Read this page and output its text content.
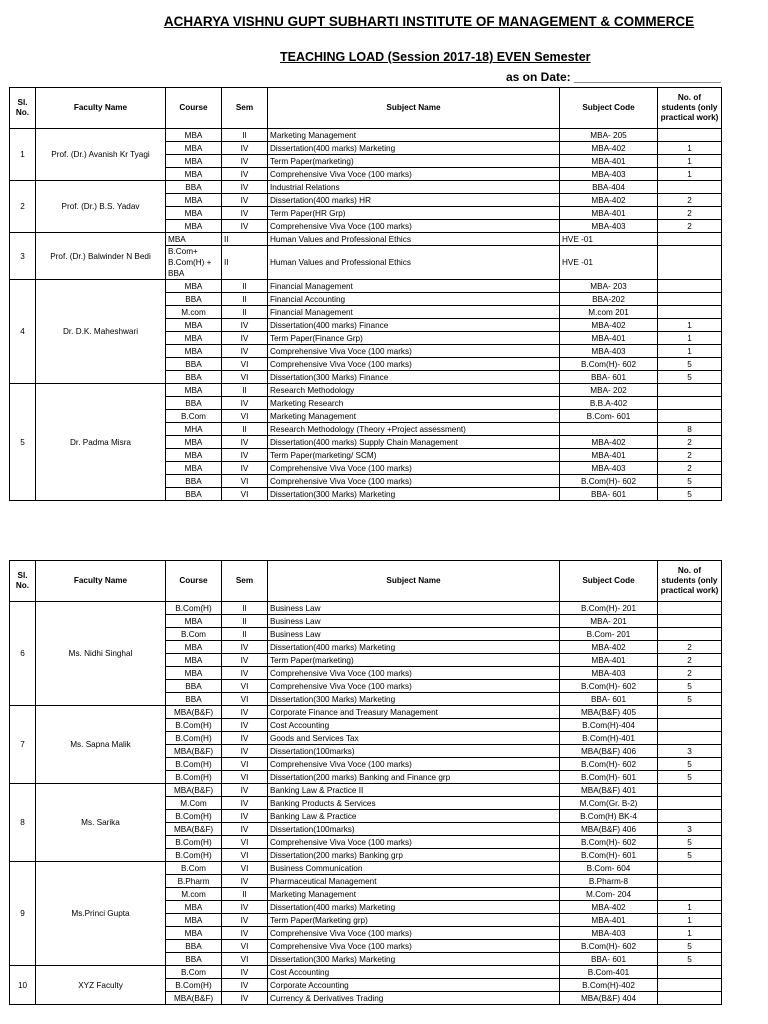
ACHARYA VISHNU GUPT SUBHARTI INSTITUTE OF MANAGEMENT & COMMERCE
TEACHING LOAD (Session 2017-18) EVEN Semester
as on Date: ______________________
Sl. No.	Faculty Name	Course	Sem	Subject Name	Subject Code	No. of students (only practical work)
1	Prof. (Dr.) Avanish Kr Tyagi	MBA	II	Marketing Management	MBA- 205	
		MBA	IV	Dissertation(400 marks) Marketing	MBA-402	1
		MBA	IV	Term Paper(marketing)	MBA-401	1
		MBA	IV	Comprehensive Viva Voce (100 marks)	MBA-403	1
2	Prof. (Dr.) B.S. Yadav	BBA	IV	Industrial Relations	BBA-404	
		MBA	IV	Dissertation(400 marks) HR	MBA-402	2
		MBA	IV	Term Paper(HR Grp)	MBA-401	2
		MBA	IV	Comprehensive Viva Voce (100 marks)	MBA-403	2
3	Prof. (Dr.) Balwinder N Bedi	MBA	II	Human Values and Professional Ethics	HVE -01	
		B.Com+ B.Com(H) + BBA	II	Human Values and Professional Ethics	HVE -01	
4	Dr. D.K. Maheshwari	MBA	II	Financial Management	MBA- 203	
		BBA	II	Financial Accounting	BBA-202	
		M.com	II	Financial Management	M.com 201	
		MBA	IV	Dissertation(400 marks) Finance	MBA-402	1
		MBA	IV	Term Paper(Finance Grp)	MBA-401	1
		MBA	IV	Comprehensive Viva Voce (100 marks)	MBA-403	1
		BBA	VI	Comprehensive Viva Voce (100 marks)	B.Com(H)- 602	5
		BBA	VI	Dissertation(300 Marks) Finance	BBA- 601	5
5	Dr. Padma Misra	MBA	II	Research Methodology	MBA- 202	
		BBA	IV	Marketing Research	B.B.A-402	
		B.Com	VI	Marketing Management	B.Com- 601	
		MHA	II	Research Methodology (Theory +Project assessment)		8
		MBA	IV	Dissertation(400 marks) Supply Chain Management	MBA-402	2
		MBA	IV	Term Paper(marketing/ SCM)	MBA-401	2
		MBA	IV	Comprehensive Viva Voce (100 marks)	MBA-403	2
		BBA	VI	Comprehensive Viva Voce (100 marks)	B.Com(H)- 602	5
		BBA	VI	Dissertation(300 Marks) Marketing	BBA- 601	5
Sl. No.	Faculty Name	Course	Sem	Subject Name	Subject Code	No. of students (only practical work)
6	Ms. Nidhi Singhal	B.Com(H)	II	Business Law	B.Com(H)- 201	
		MBA	II	Business Law	MBA- 201	
		B.Com	II	Business Law	B.Com- 201	
		MBA	IV	Dissertation(400 marks) Marketing	MBA-402	2
		MBA	IV	Term Paper(marketing)	MBA-401	2
		MBA	IV	Comprehensive Viva Voce (100 marks)	MBA-403	2
		BBA	VI	Comprehensive Viva Voce (100 marks)	B.Com(H)- 602	5
		BBA	VI	Dissertation(300 Marks) Marketing	BBA- 601	5
7	Ms. Sapna Malik	MBA(B&F)	IV	Corporate Finance and Treasury Management	MBA(B&F) 405	
		B.Com(H)	IV	Cost Accounting	B.Com(H)-404	
		B.Com(H)	IV	Goods and Services Tax	B.Com(H)-401	
		MBA(B&F)	IV	Dissertation(100marks)	MBA(B&F) 406	3
		B.Com(H)	VI	Comprehensive Viva Voce (100 marks)	B.Com(H)- 602	5
		B.Com(H)	VI	Dissertation(200 marks) Banking and Finance grp	B.Com(H)- 601	5
8	Ms. Sarika	MBA(B&F)	IV	Banking Law & Practice II	MBA(B&F) 401	
		M.Com	IV	Banking Products & Services	M.Com(Gr. B-2)	
		B.Com(H)	IV	Banking Law & Practice	B.Com(H) BK-4	
		MBA(B&F)	IV	Dissertation(100marks)	MBA(B&F) 406	3
		B.Com(H)	VI	Comprehensive Viva Voce (100 marks)	B.Com(H)- 602	5
		B.Com(H)	VI	Dissertation(200 marks) Banking grp	B.Com(H)- 601	5
9	Ms.Princi Gupta	B.Com	VI	Business Communication	B.Com- 604	
		B.Pharm	IV	Pharmaceutical Management	B.Pharm-8	
		M.com	II	Marketing Management	M.Com- 204	
		MBA	IV	Dissertation(400 marks) Marketing	MBA-402	1
		MBA	IV	Term Paper(Marketing grp)	MBA-401	1
		MBA	IV	Comprehensive Viva Voce (100 marks)	MBA-403	1
		BBA	VI	Comprehensive Viva Voce (100 marks)	B.Com(H)- 602	5
		BBA	VI	Dissertation(300 Marks) Marketing	BBA- 601	5
10	XYZ Faculty	B.Com	IV	Cost Accounting	B.Com-401	
		B.Com(H)	IV	Corporate Accounting	B.Com(H)-402	
		MBA(B&F)	IV	Currency & Derivatives Trading	MBA(B&F) 404	
